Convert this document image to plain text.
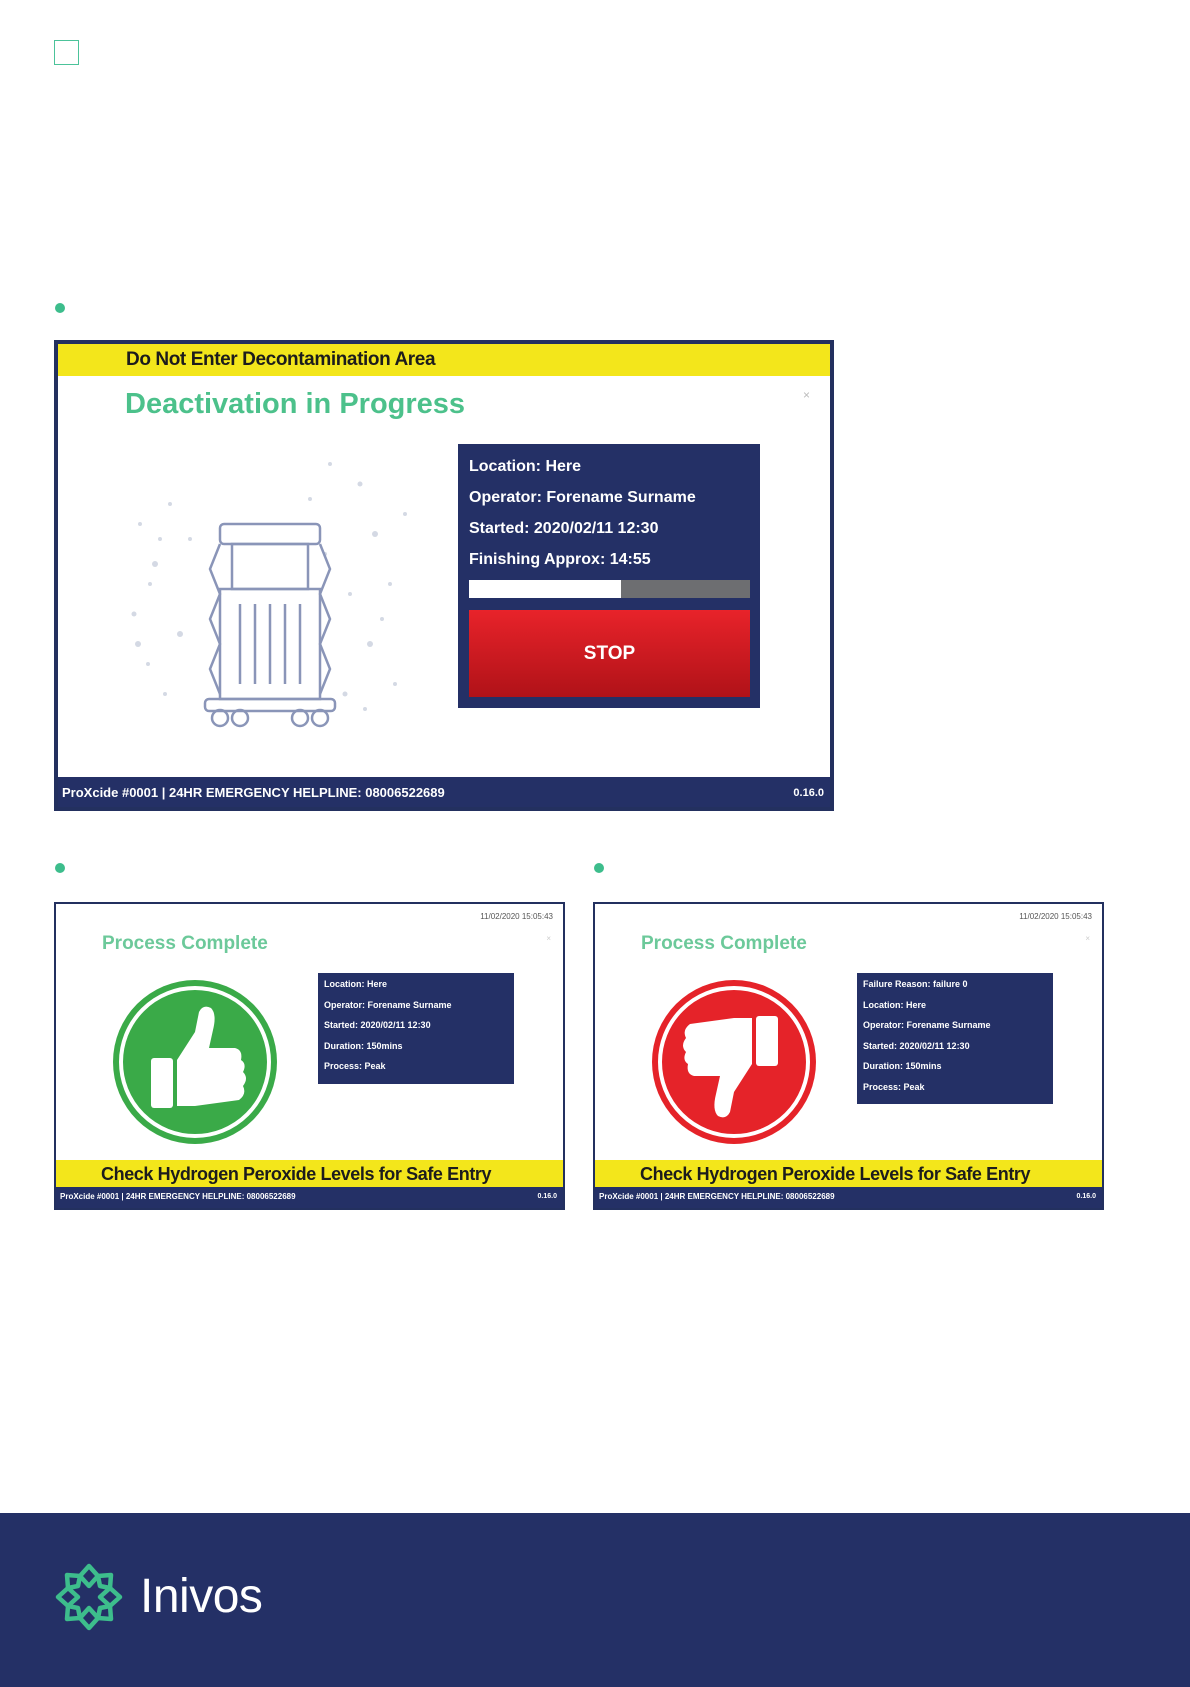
Do Not Enter Decontamination Area
Deactivation in Progress	×
Location: Here
Operator: Forename Surname
Started: 2020/02/11 12:30
Finishing Approx: 14:55
STOP
ProXcide #0001 | 24HR EMERGENCY HELPLINE: 08006522689	0.16.0
11/02/2020 15:05:43
Process Complete	×
Location: Here
Operator: Forename Surname
Started: 2020/02/11 12:30
Duration: 150mins
Process: Peak
Check Hydrogen Peroxide Levels for Safe Entry
ProXcide #0001 | 24HR EMERGENCY HELPLINE: 08006522689	0.16.0
11/02/2020 15:05:43
Process Complete	×
Failure Reason: failure 0
Location: Here
Operator: Forename Surname
Started: 2020/02/11 12:30
Duration: 150mins
Process: Peak
Check Hydrogen Peroxide Levels for Safe Entry
ProXcide #0001 | 24HR EMERGENCY HELPLINE: 08006522689	0.16.0
Inivos
